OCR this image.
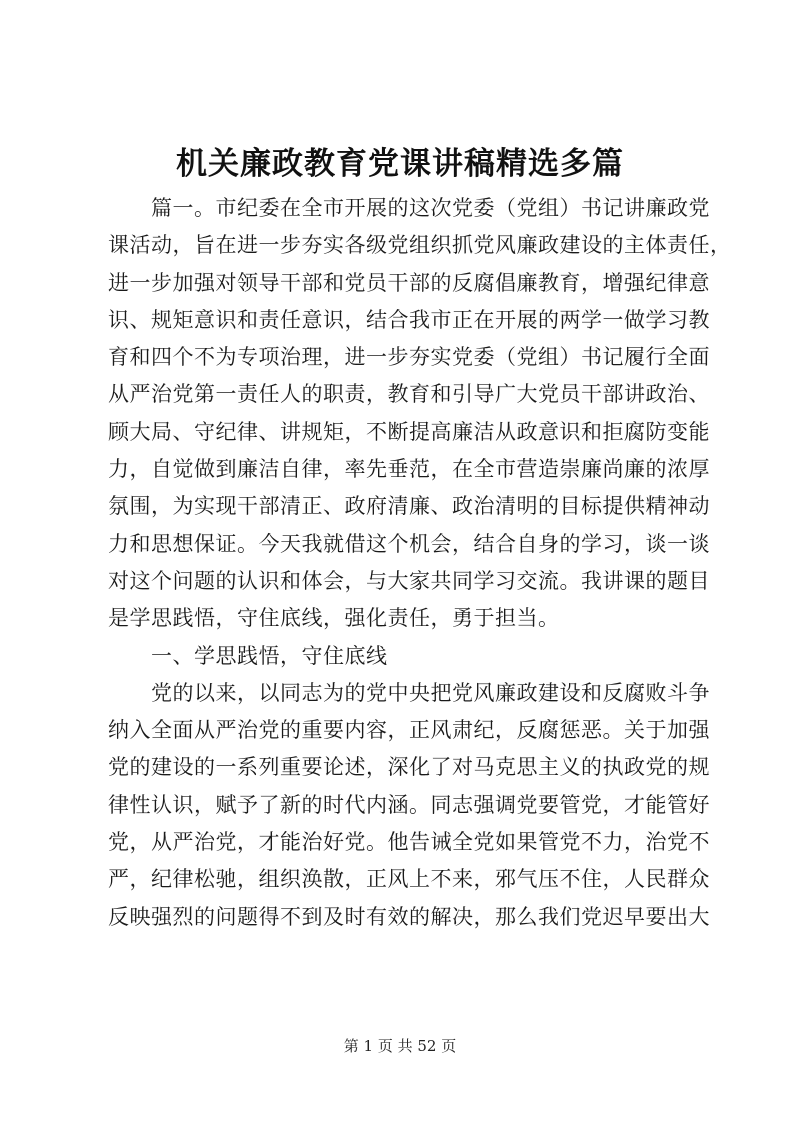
机关廉政教育党课讲稿精选多篇
　　篇一。市纪委在全市开展的这次党委（党组）书记讲廉政党
课活动，旨在进一步夯实各级党组织抓党风廉政建设的主体责任，
进一步加强对领导干部和党员干部的反腐倡廉教育，增强纪律意
识、规矩意识和责任意识，结合我市正在开展的两学一做学习教
育和四个不为专项治理，进一步夯实党委（党组）书记履行全面
从严治党第一责任人的职责，教育和引导广大党员干部讲政治、
顾大局、守纪律、讲规矩，不断提高廉洁从政意识和拒腐防变能
力，自觉做到廉洁自律，率先垂范，在全市营造崇廉尚廉的浓厚
氛围，为实现干部清正、政府清廉、政治清明的目标提供精神动
力和思想保证。今天我就借这个机会，结合自身的学习，谈一谈
对这个问题的认识和体会，与大家共同学习交流。我讲课的题目
是学思践悟，守住底线，强化责任，勇于担当。
　　一、学思践悟，守住底线
　　党的以来，以同志为的党中央把党风廉政建设和反腐败斗争
纳入全面从严治党的重要内容，正风肃纪，反腐惩恶。关于加强
党的建设的一系列重要论述，深化了对马克思主义的执政党的规
律性认识，赋予了新的时代内涵。同志强调党要管党，才能管好
党，从严治党，才能治好党。他告诫全党如果管党不力，治党不
严，纪律松驰，组织涣散，正风上不来，邪气压不住，人民群众
反映强烈的问题得不到及时有效的解决，那么我们党迟早要出大
第 1 页 共 52 页
